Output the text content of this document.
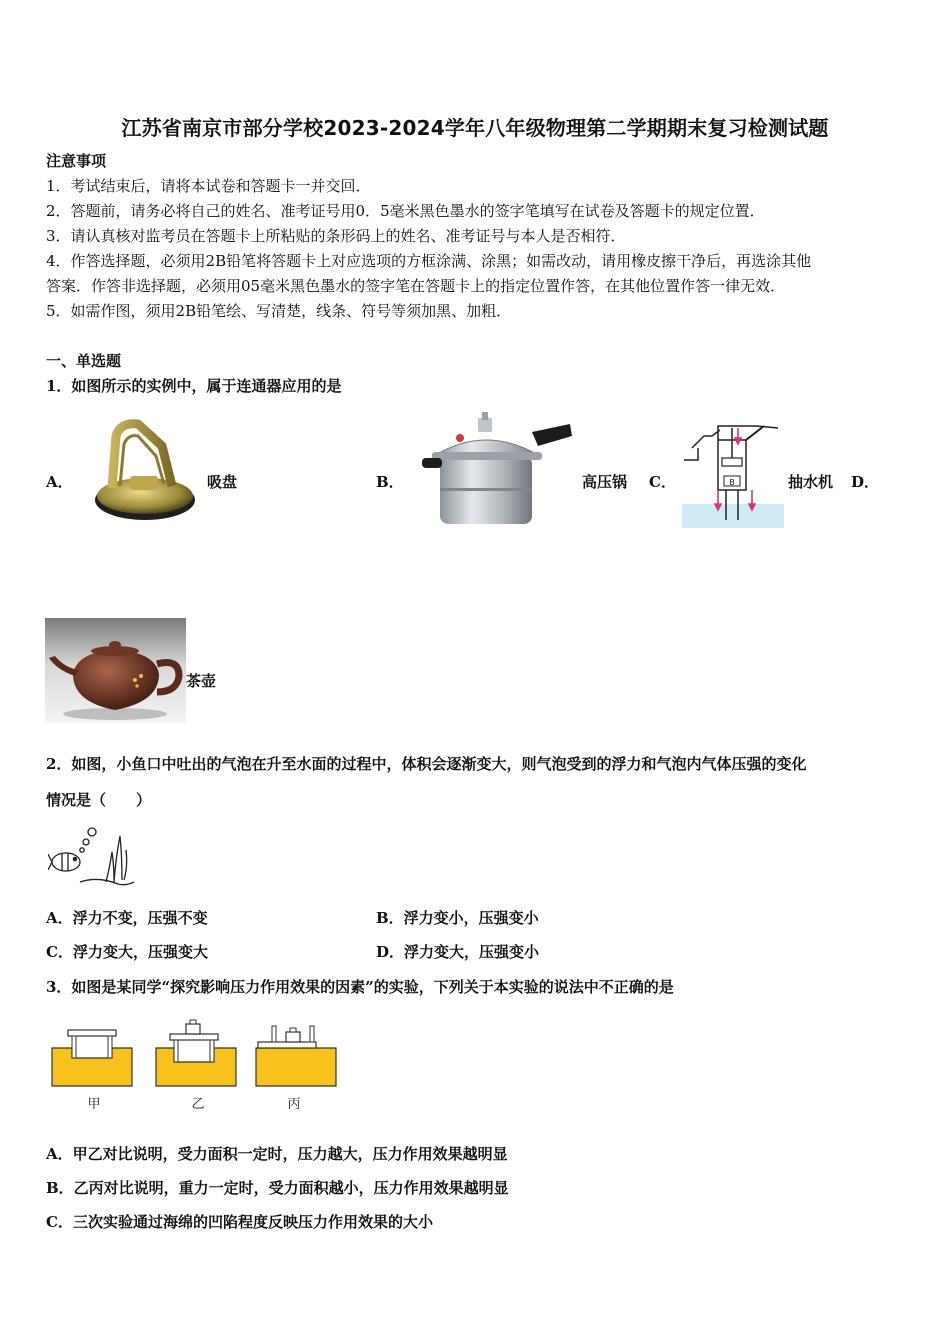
江苏省南京市部分学校2023-2024学年八年级物理第二学期期末复习检测试题
注意事项
1．考试结束后，请将本试卷和答题卡一并交回．
2．答题前，请务必将自己的姓名、准考证号用0．5毫米黑色墨水的签字笔填写在试卷及答题卡的规定位置．
3．请认真核对监考员在答题卡上所粘贴的条形码上的姓名、准考证号与本人是否相符．
4．作答选择题，必须用2B铅笔将答题卡上对应选项的方框涂满、涂黑；如需改动，请用橡皮擦干净后，再选涂其他
答案．作答非选择题，必须用05毫米黑色墨水的签字笔在答题卡上的指定位置作答，在其他位置作答一律无效．
5．如需作图，须用2B铅笔绘、写清楚，线条、符号等须加黑、加粗．
一、单选题
1．如图所示的实例中，属于连通器应用的是
A．	吸盘	B．	高压锅 C．	B	抽水机 D．
茶壶
2．如图，小鱼口中吐出的气泡在升至水面的过程中，体积会逐渐变大，则气泡受到的浮力和气泡内气体压强的变化
情况是（　　）
A．浮力不变，压强不变	B．浮力变小，压强变小
C．浮力变大，压强变大	D．浮力变大，压强变小
3．如图是某同学“探究影响压力作用效果的因素”的实验，下列关于本实验的说法中不正确的是
甲	乙	丙
A．甲乙对比说明，受力面积一定时，压力越大，压力作用效果越明显
B．乙丙对比说明，重力一定时，受力面积越小，压力作用效果越明显
C．三次实验通过海绵的凹陷程度反映压力作用效果的大小
